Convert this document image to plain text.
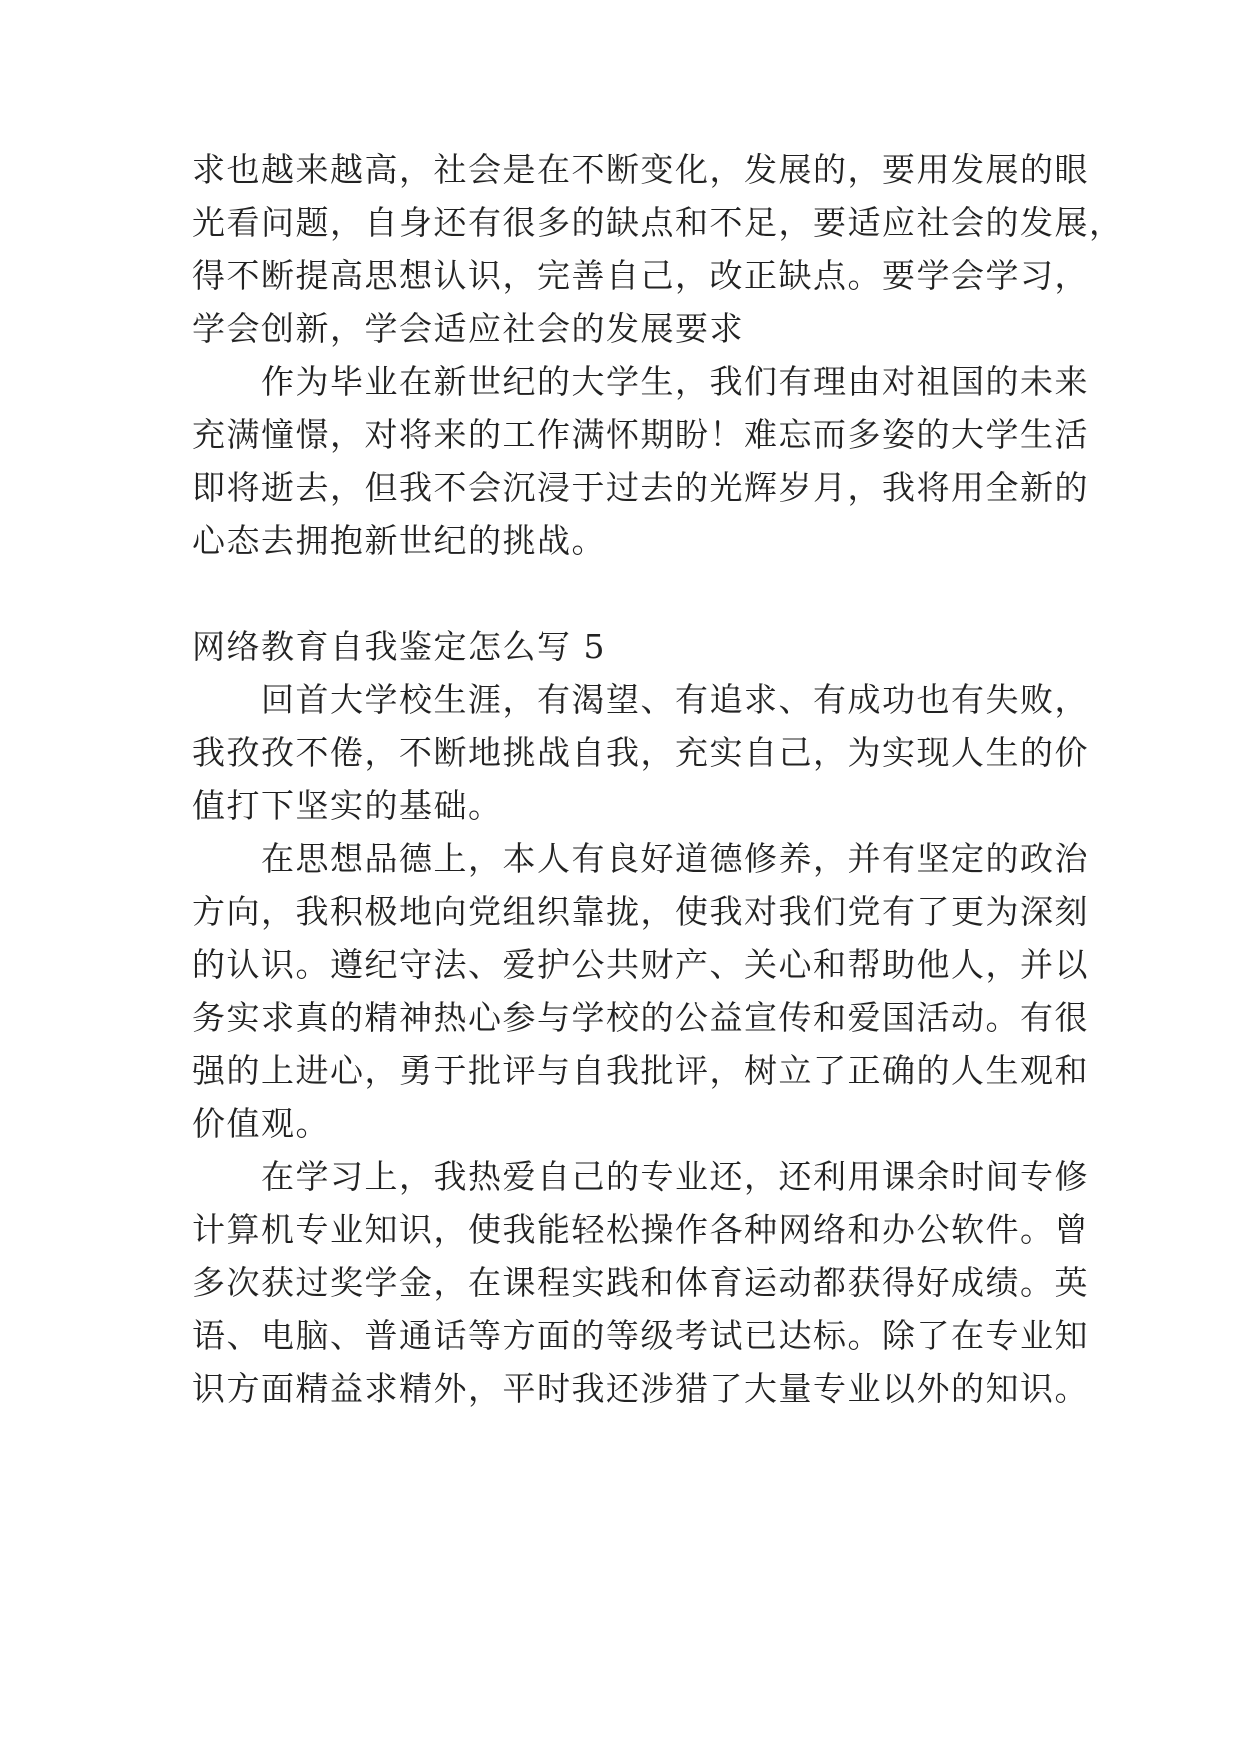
求也越来越高，社会是在不断变化，发展的，要用发展的眼
光看问题，自身还有很多的缺点和不足，要适应社会的发展，
得不断提高思想认识，完善自己，改正缺点。要学会学习，
学会创新，学会适应社会的发展要求
　　作为毕业在新世纪的大学生，我们有理由对祖国的未来
充满憧憬，对将来的工作满怀期盼！难忘而多姿的大学生活
即将逝去，但我不会沉浸于过去的光辉岁月，我将用全新的
心态去拥抱新世纪的挑战。
网络教育自我鉴定怎么写 5
　　回首大学校生涯，有渴望、有追求、有成功也有失败，
我孜孜不倦，不断地挑战自我，充实自己，为实现人生的价
值打下坚实的基础。
　　在思想品德上，本人有良好道德修养，并有坚定的政治
方向，我积极地向党组织靠拢，使我对我们党有了更为深刻
的认识。遵纪守法、爱护公共财产、关心和帮助他人，并以
务实求真的精神热心参与学校的公益宣传和爱国活动。有很
强的上进心，勇于批评与自我批评，树立了正确的人生观和
价值观。
　　在学习上，我热爱自己的专业还，还利用课余时间专修
计算机专业知识，使我能轻松操作各种网络和办公软件。曾
多次获过奖学金，在课程实践和体育运动都获得好成绩。英
语、电脑、普通话等方面的等级考试已达标。除了在专业知
识方面精益求精外，平时我还涉猎了大量专业以外的知识。
